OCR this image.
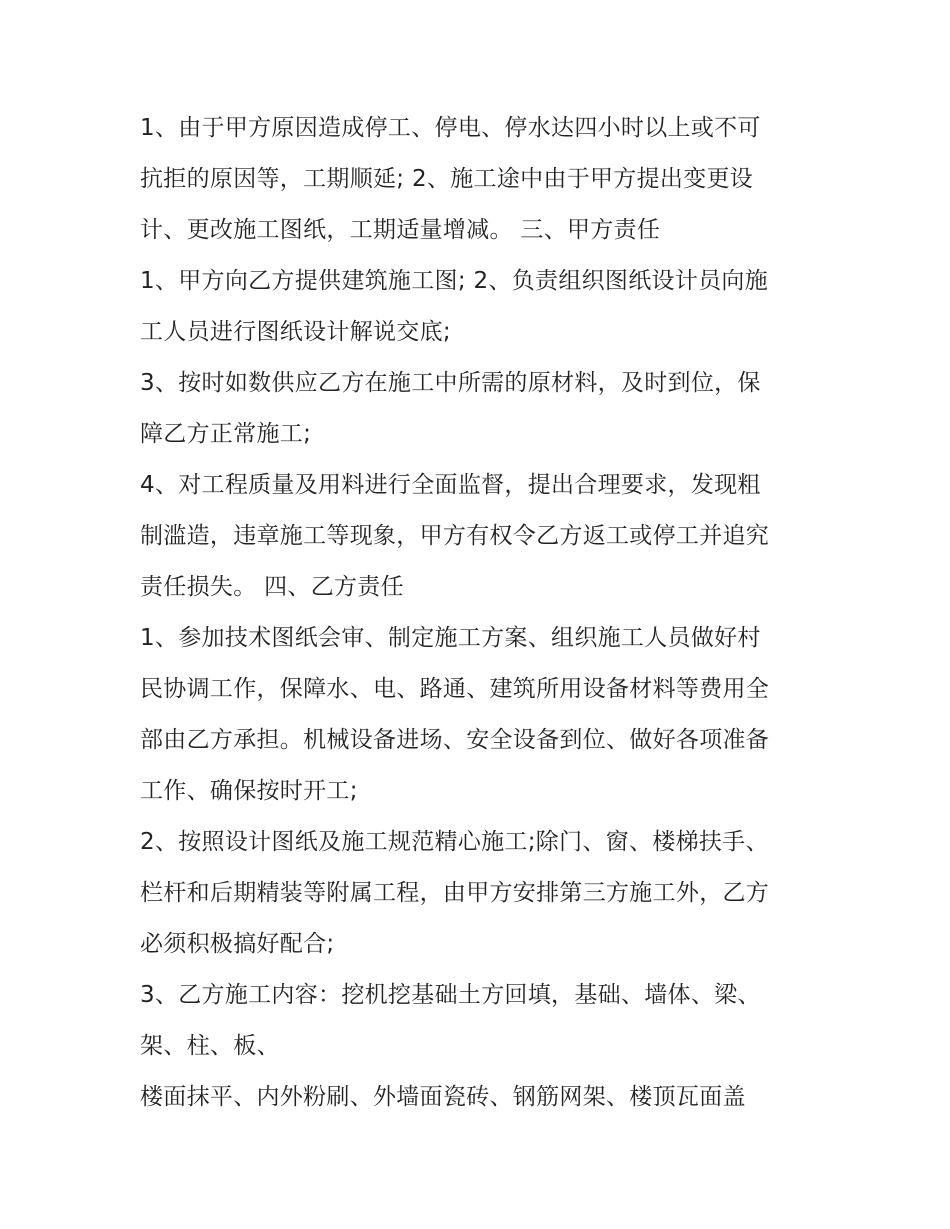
1、由于甲方原因造成停工、停电、停水达四小时以上或不可
抗拒的原因等，工期顺延; 2、施工途中由于甲方提出变更设
计、更改施工图纸，工期适量增减。 三、甲方责任
1、甲方向乙方提供建筑施工图; 2、负责组织图纸设计员向施
工人员进行图纸设计解说交底;
3、按时如数供应乙方在施工中所需的原材料，及时到位，保
障乙方正常施工;
4、对工程质量及用料进行全面监督，提出合理要求，发现粗
制滥造，违章施工等现象，甲方有权令乙方返工或停工并追究
责任损失。 四、乙方责任
1、参加技术图纸会审、制定施工方案、组织施工人员做好村
民协调工作，保障水、电、路通、建筑所用设备材料等费用全
部由乙方承担。机械设备进场、安全设备到位、做好各项准备
工作、确保按时开工;
2、按照设计图纸及施工规范精心施工;除门、窗、楼梯扶手、
栏杆和后期精装等附属工程，由甲方安排第三方施工外，乙方
必须积极搞好配合;
3、乙方施工内容：挖机挖基础土方回填，基础、墙体、梁、
架、柱、板、
楼面抹平、内外粉刷、外墙面瓷砖、钢筋网架、楼顶瓦面盖
